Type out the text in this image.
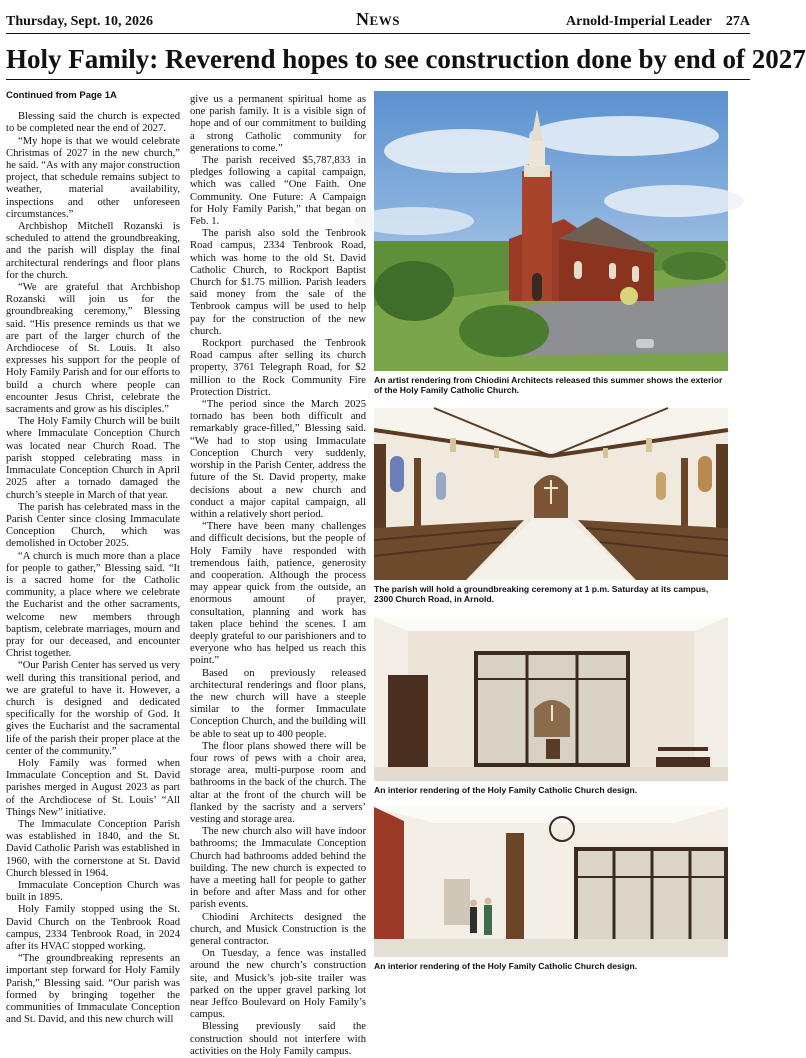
Thursday, Sept. 10, 2026	News	Arnold-Imperial Leader 27A
Holy Family: Reverend hopes to see construction done by end of 2027

Continued from Page 1A

Blessing said the church is expected to be completed near the end of 2027.

“My hope is that we would celebrate Christmas of 2027 in the new church,” he said. “As with any major construction project, that schedule remains subject to weather, material availability, inspections and other unforeseen circumstances.”

Archbishop Mitchell Rozanski is scheduled to attend the groundbreaking, and the parish will display the final architectural renderings and floor plans for the church.

“We are grateful that Archbishop Rozanski will join us for the groundbreaking ceremony,” Blessing said. “His presence reminds us that we are part of the larger church of the Archdiocese of St. Louis. It also expresses his support for the people of Holy Family Parish and for our efforts to build a church where people can encounter Jesus Christ, celebrate the sacraments and grow as his disciples.”

The Holy Family Church will be built where Immaculate Conception Church was located near Church Road. The parish stopped celebrating mass in Immaculate Conception Church in April 2025 after a tornado damaged the church’s steeple in March of that year.

The parish has celebrated mass in the Parish Center since closing Immaculate Conception Church, which was demolished in October 2025.

“A church is much more than a place for people to gather,” Blessing said. “It is a sacred home for the Catholic community, a place where we celebrate the Eucharist and the other sacraments, welcome new members through baptism, celebrate marriages, mourn and pray for our deceased, and encounter Christ together.

“Our Parish Center has served us very well during this transitional period, and we are grateful to have it. However, a church is designed and dedicated specifically for the worship of God. It gives the Eucharist and the sacramental life of the parish their proper place at the center of the community.”

Holy Family was formed when Immaculate Conception and St. David parishes merged in August 2023 as part of the Archdiocese of St. Louis’ “All Things New” initiative.

The Immaculate Conception Parish was established in 1840, and the St. David Catholic Parish was established in 1960, with the cornerstone at St. David Church blessed in 1964.

Immaculate Conception Church was built in 1895.

Holy Family stopped using the St. David Church on the Tenbrook Road campus, 2334 Tenbrook Road, in 2024 after its HVAC stopped working.

“The groundbreaking represents an important step forward for Holy Family Parish,” Blessing said. “Our parish was formed by bringing together the communities of Immaculate Conception and St. David, and this new church will

give us a permanent spiritual home as one parish family. It is a visible sign of hope and of our commitment to building a strong Catholic community for generations to come.”

The parish received $5,787,833 in pledges following a capital campaign, which was called “One Faith. One Community. One Future: A Campaign for Holy Family Parish,” that began on Feb. 1.

The parish also sold the Tenbrook Road campus, 2334 Tenbrook Road, which was home to the old St. David Catholic Church, to Rockport Baptist Church for $1.75 million. Parish leaders said money from the sale of the Tenbrook campus will be used to help pay for the construction of the new church.

Rockport purchased the Tenbrook Road campus after selling its church property, 3761 Telegraph Road, for $2 million to the Rock Community Fire Protection District.

“The period since the March 2025 tornado has been both difficult and remarkably grace-filled,” Blessing said. “We had to stop using Immaculate Conception Church very suddenly, worship in the Parish Center, address the future of the St. David property, make decisions about a new church and conduct a major capital campaign, all within a relatively short period.

“There have been many challenges and difficult decisions, but the people of Holy Family have responded with tremendous faith, patience, generosity and cooperation. Although the process may appear quick from the outside, an enormous amount of prayer, consultation, planning and work has taken place behind the scenes. I am deeply grateful to our parishioners and to everyone who has helped us reach this point.”

Based on previously released architectural renderings and floor plans, the new church will have a steeple similar to the former Immaculate Conception Church, and the building will be able to seat up to 400 people.

The floor plans showed there will be four rows of pews with a choir area, storage area, multi-purpose room and bathrooms in the back of the church. The altar at the front of the church will be flanked by the sacristy and a servers’ vesting and storage area.

The new church also will have indoor bathrooms; the Immaculate Conception Church had bathrooms added behind the building. The new church is expected to have a meeting hall for people to gather in before and after Mass and for other parish events.

Chiodini Architects designed the church, and Musick Construction is the general contractor.

On Tuesday, a fence was installed around the new church’s construction site, and Musick’s job-site trailer was parked on the upper gravel parking lot near Jeffco Boulevard on Holy Family’s campus.

Blessing previously said the construction should not interfere with activities on the Holy Family campus.

An artist rendering from Chiodini Architects released this summer shows the exterior of the Holy Family Catholic Church.
The parish will hold a groundbreaking ceremony at 1 p.m. Saturday at its campus, 2300 Church Road, in Arnold.
An interior rendering of the Holy Family Catholic Church design.
An interior rendering of the Holy Family Catholic Church design.
